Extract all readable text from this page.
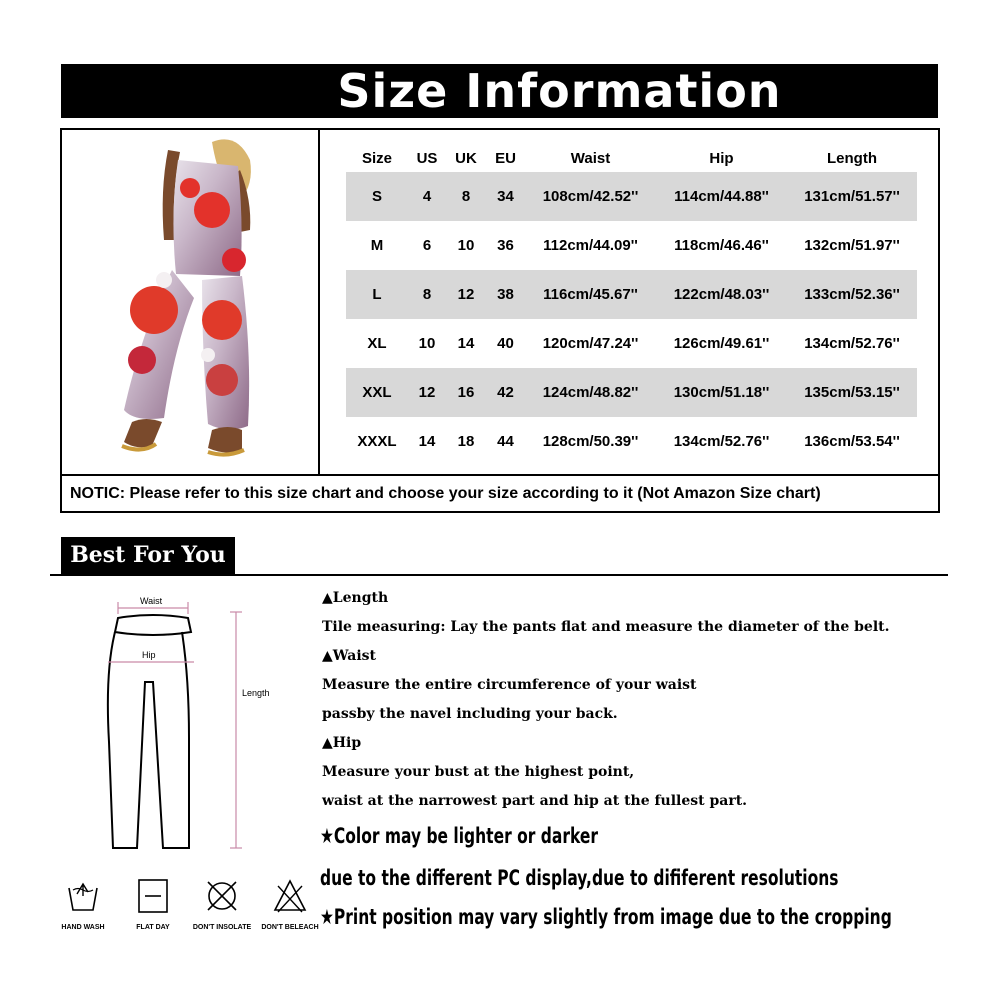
Size Information
Size	US	UK	EU	Waist	Hip	Length
S	4	8	34	108cm/42.52''	114cm/44.88''	131cm/51.57''
M	6	10	36	112cm/44.09''	118cm/46.46''	132cm/51.97''
L	8	12	38	116cm/45.67''	122cm/48.03''	133cm/52.36''
XL	10	14	40	120cm/47.24''	126cm/49.61''	134cm/52.76''
XXL	12	16	42	124cm/48.82''	130cm/51.18''	135cm/53.15''
XXXL	14	18	44	128cm/50.39''	134cm/52.76''	136cm/53.54''
NOTIC: Please refer to this size chart and choose your size according to it (Not Amazon Size chart)
Best For You
Waist
Hip
Length
HAND WASH	FLAT DAY	DON'T INSOLATE	DON'T BELEACH
▲Length
Tile measuring: Lay the pants flat and measure the diameter of the belt.
▲Waist
Measure the entire circumference of your waist
passby the navel including your back.
▲Hip
Measure your bust at the highest point,
waist at the narrowest part and hip at the fullest part.
★Color may be lighter or darker
due to the different PC display,due to dififerent resolutions
★Print position may vary slightly from image due to the cropping
